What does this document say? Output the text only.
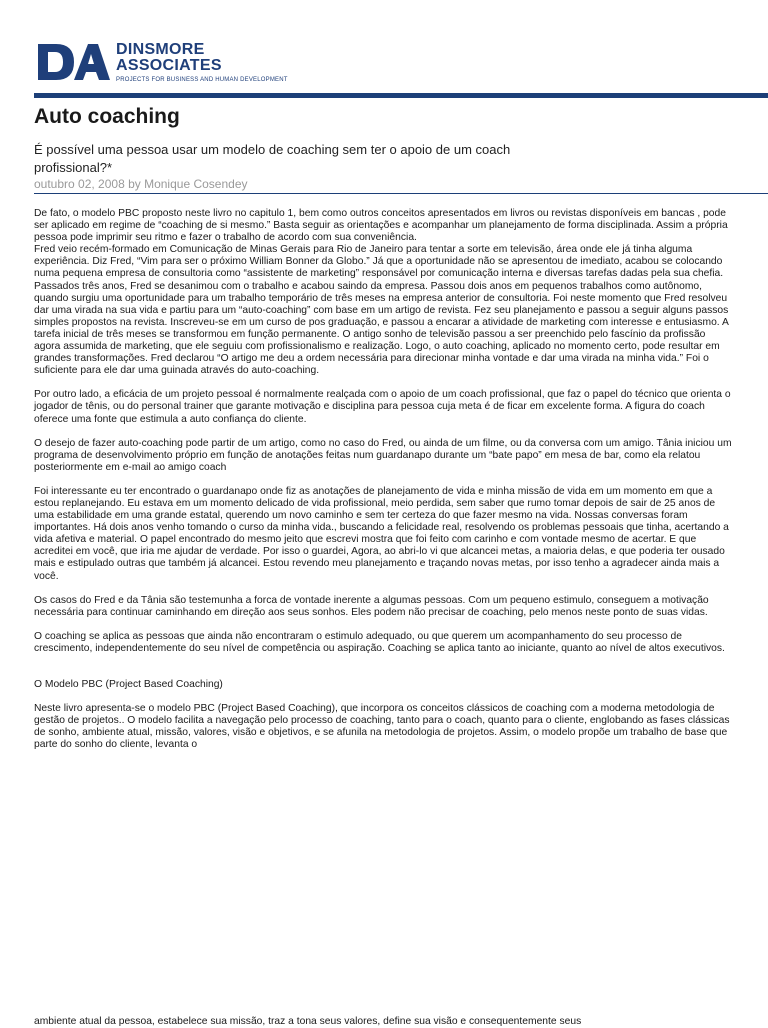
DINSMORE
ASSOCIATES
PROJECTS FOR BUSINESS AND HUMAN DEVELOPMENT
Auto coaching
É possível uma pessoa usar um modelo de coaching sem ter o apoio de um coach profissional?*
outubro 02, 2008 by Monique Cosendey

De fato, o modelo PBC proposto neste livro no capitulo 1, bem como outros conceitos apresentados em livros ou revistas disponíveis em bancas , pode ser aplicado em regime de “coaching de si mesmo.” Basta seguir as orientações e acompanhar um planejamento de forma disciplinada. Assim a própria pessoa pode imprimir seu ritmo e fazer o trabalho de acordo com sua conveniência.

Fred veio recém-formado em Comunicação de Minas Gerais para Rio de Janeiro para tentar a sorte em televisão, área onde ele já tinha alguma experiência. Diz Fred, “Vim para ser o próximo William Bonner da Globo.” Já que a oportunidade não se apresentou de imediato, acabou se colocando numa pequena empresa de consultoria como “assistente de marketing” responsável por comunicação interna e diversas tarefas dadas pela sua chefia. Passados três anos, Fred se desanimou com o trabalho e acabou saindo da empresa. Passou dois anos em pequenos trabalhos como autônomo, quando surgiu uma oportunidade para um trabalho temporário de três meses na empresa anterior de consultoria. Foi neste momento que Fred resolveu dar uma virada na sua vida e partiu para um “auto-coaching” com base em um artigo de revista. Fez seu planejamento e passou a seguir alguns passos simples propostos na revista. Inscreveu-se em um curso de pos graduação, e passou a encarar a atividade de marketing com interesse e entusiasmo. A tarefa inicial de três meses se transformou em função permanente. O antigo sonho de televisão passou a ser preenchido pelo fascínio da profissão agora assumida de marketing, que ele seguiu com profissionalismo e realização. Logo, o auto coaching, aplicado no momento certo, pode resultar em grandes transformações. Fred declarou “O artigo me deu a ordem necessária para direcionar minha vontade e dar uma virada na minha vida.” Foi o suficiente para ele dar uma guinada através do auto-coaching.

Por outro lado, a eficácia de um projeto pessoal é normalmente realçada com o apoio de um coach profissional, que faz o papel do técnico que orienta o jogador de tênis, ou do personal trainer que garante motivação e disciplina para pessoa cuja meta é de ficar em excelente forma. A figura do coach oferece uma fonte que estimula a auto confiança do cliente.

O desejo de fazer auto-coaching pode partir de um artigo, como no caso do Fred, ou ainda de um filme, ou da conversa com um amigo. Tânia iniciou um programa de desenvolvimento próprio em função de anotações feitas num guardanapo durante um “bate papo” em mesa de bar, como ela relatou posteriormente em e-mail ao amigo coach

Foi interessante eu ter encontrado o guardanapo onde fiz as anotações de planejamento de vida e minha missão de vida em um momento em que a estou replanejando. Eu estava em um momento delicado de vida profissional, meio perdida, sem saber que rumo tomar depois de sair de 25 anos de uma estabilidade em uma grande estatal, querendo um novo caminho e sem ter certeza do que fazer mesmo na vida. Nossas conversas foram importantes. Há dois anos venho tomando o curso da minha vida., buscando a felicidade real, resolvendo os problemas pessoais que tinha, acertando a vida afetiva e material. O papel encontrado do mesmo jeito que escrevi mostra que foi feito com carinho e com vontade mesmo de acertar. E que acreditei em você, que iria me ajudar de verdade. Por isso o guardei, Agora, ao abri-lo vi que alcancei metas, a maioria delas, e que poderia ter ousado mais e estipulado outras que também já alcancei. Estou revendo meu planejamento e traçando novas metas, por isso tenho a agradecer ainda mais a você.

Os casos do Fred e da Tânia são testemunha a forca de vontade inerente a algumas pessoas. Com um pequeno estimulo, conseguem a motivação necessária para continuar caminhando em direção aos seus sonhos. Eles podem não precisar de coaching, pelo menos neste ponto de suas vidas.

O coaching se aplica as pessoas que ainda não encontraram o estimulo adequado, ou que querem um acompanhamento do seu processo de crescimento, independentemente do seu nível de competência ou aspiração. Coaching se aplica tanto ao iniciante, quanto ao nível de altos executivos.

O Modelo PBC (Project Based Coaching)

Neste livro apresenta-se o modelo PBC (Project Based Coaching), que incorpora os conceitos clássicos de coaching com a moderna metodologia de gestão de projetos.. O modelo facilita a navegação pelo processo de coaching, tanto para o coach, quanto para o cliente, englobando as fases clássicas de sonho, ambiente atual, missão, valores, visão e objetivos, e se afunila na metodologia de projetos. Assim, o modelo propõe um trabalho de base que parte do sonho do cliente, levanta o

ambiente atual da pessoa, estabelece sua missão, traz a tona seus valores, define sua visão e consequentemente seus
